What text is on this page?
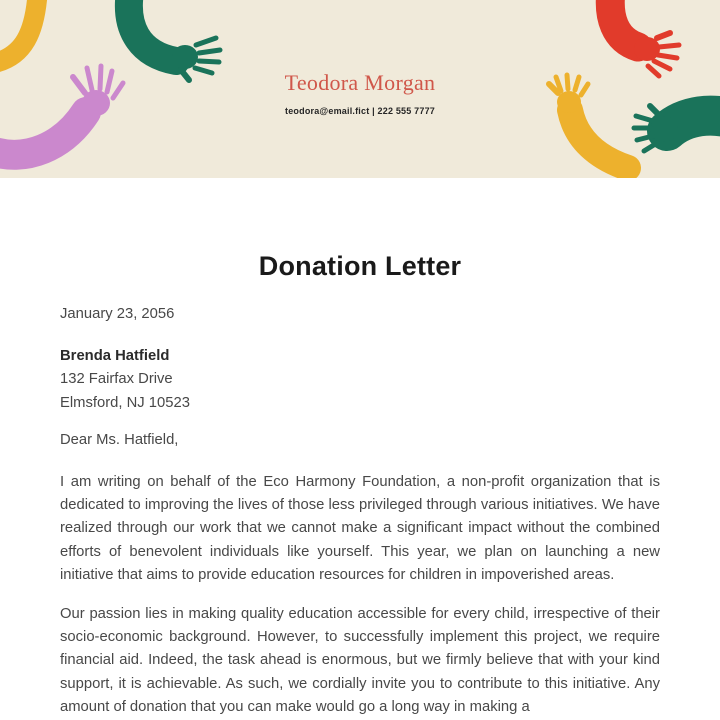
Teodora Morgan
teodora@email.fict | 222 555 7777
Donation Letter
January 23, 2056
Brenda Hatfield
132 Fairfax Drive
Elmsford, NJ 10523
Dear Ms. Hatfield,

I am writing on behalf of the Eco Harmony Foundation, a non-profit organization that is dedicated to improving the lives of those less privileged through various initiatives. We have realized through our work that we cannot make a significant impact without the combined efforts of benevolent individuals like yourself. This year, we plan on launching a new initiative that aims to provide education resources for children in impoverished areas.

Our passion lies in making quality education accessible for every child, irrespective of their socio-economic background. However, to successfully implement this project, we require financial aid. Indeed, the task ahead is enormous, but we firmly believe that with your kind support, it is achievable. As such, we cordially invite you to contribute to this initiative. Any amount of donation that you can make would go a long way in making a
